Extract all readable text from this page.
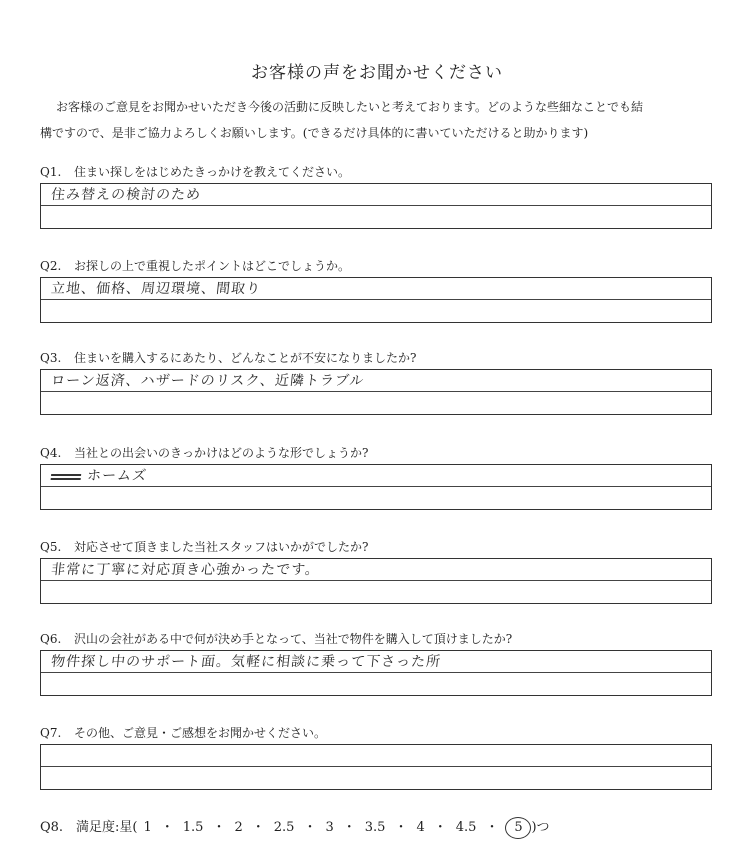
お客様の声をお聞かせください
お客様のご意見をお聞かせいただき今後の活動に反映したいと考えております。どのような些細なことでも結
構ですので、是非ご協力よろしくお願いします。(できるだけ具体的に書いていただけると助かります)
Q1. 住まい探しをはじめたきっかけを教えてください。
住み替えの検討のため
Q2. お探しの上で重視したポイントはどこでしょうか。
立地、価格、周辺環境、間取り
Q3. 住まいを購入するにあたり、どんなことが不安になりましたか?
ローン返済、ハザードのリスク、近隣トラブル
Q4. 当社との出会いのきっかけはどのような形でしょうか?
ホームズ
Q5. 対応させて頂きました当社スタッフはいかがでしたか?
非常に丁寧に対応頂き心強かったです。
Q6. 沢山の会社がある中で何が決め手となって、当社で物件を購入して頂けましたか?
物件探し中のサポート面。気軽に相談に乗って下さった所
Q7. その他、ご意見・ご感想をお聞かせください。
Q8. 満足度:星( 1 ・ 1.5 ・ 2 ・ 2.5 ・ 3 ・ 3.5 ・ 4 ・ 4.5 ・ 5 )つ
